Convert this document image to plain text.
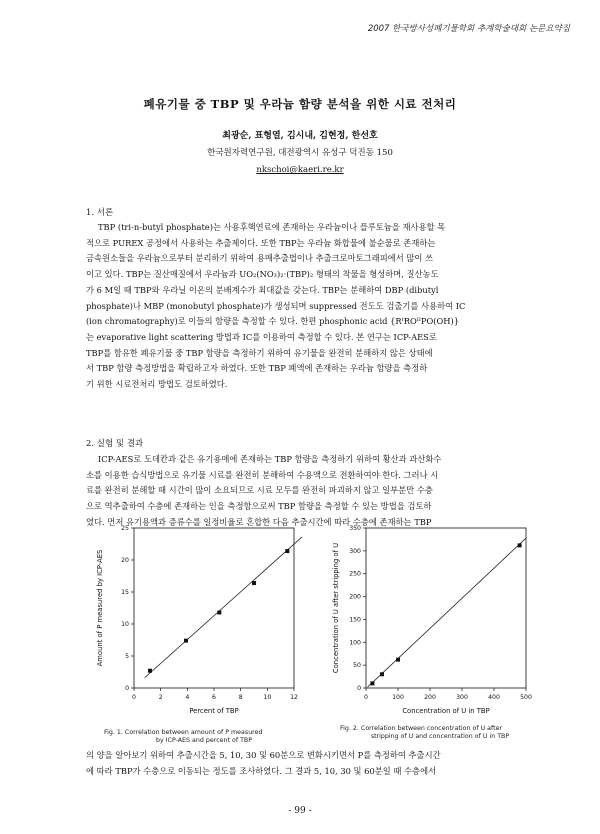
2007 한국방사성폐기물학회 추계학술대회 논문요약집
폐유기물 중 TBP 및 우라늄 함량 분석을 위한 시료 전처리
최광순, 표형열, 김시내, 김현정, 한선호
한국원자력연구원, 대전광역시 유성구 덕진동 150
nkschoi@kaeri.re.kr
1. 서론
TBP (tri-n-butyl phosphate)는 사용후핵연료에 존재하는 우라늄이나 플루토늄을 재사용할 목
적으로 PUREX 공정에서 사용하는 추출제이다. 또한 TBP는 우라늄 화합물에 불순물로 존재하는
금속원소들을 우라늄으로부터 분리하기 위하여 용매추출법이나 추출크로마토그래피에서 많이 쓰
이고 있다. TBP는 질산매질에서 우라늄과 UO₂(NO₃)₂·(TBP)₂ 형태의 착물을 형성하며, 질산농도
가 6 M일 때 TBP와 우라닐 이온의 분배계수가 최대값을 갖는다. TBP는 분해하여 DBP (dibutyl
phosphate)나 MBP (monobutyl phosphate)가 생성되며 suppressed 전도도 검출기를 사용하여 IC
(ion chromatography)로 이들의 함량을 측정할 수 있다. 한편 phosphonic acid {RᴵROᴵᴵPO(OH)}
는 evaporative light scattering 방법과 IC를 이용하여 측정할 수 있다. 본 연구는 ICP-AES로
TBP를 함유한 폐유기물 중 TBP 함량을 측정하기 위하여 유기물을 완전히 분해하지 않은 상태에
서 TBP 함량 측정방법을 확립하고자 하였다. 또한 TBP 폐액에 존재하는 우라늄 함량을 측정하
기 위한 시료전처리 방법도 검토하였다.
2. 실험 및 결과
ICP-AES로 도데칸과 같은 유기용매에 존재하는 TBP 함량을 측정하기 위하여 황산과 과산화수
소를 이용한 습식방법으로 유기물 시료를 완전히 분해하여 수용액으로 전환하여야 한다. 그러나 시
료를 완전히 분해할 때 시간이 많이 소요되므로 시료 모두를 완전히 파괴하지 않고 일부분만 수층
으로 역추출하여 수층에 존재하는 인을 측정함으로써 TBP 함량을 측정할 수 있는 방법을 검토하
였다. 먼저 유기용액과 증류수를 일정비율로 혼합한 다음 추출시간에 따라 수층에 존재하는 TBP
0	2	4	6	8	10	12
0
5
10
15
20
25
Percent of TBP
Amount of P measured by ICP-AES
0	100	200	300	400	500
0
50
100
150
200
250
300
350
Concentration of U in TBP
Concentration of U after stripping of U
Fig. 1. Correlation between amount of P measured
by ICP-AES and percent of TBP
Fig. 2. Correlation between concentration of U after
stripping of U and concentration of U in TBP
의 양을 알아보기 위하여 추출시간을 5, 10, 30 및 60분으로 변화시키면서 P를 측정하여 추출시간
에 따라 TBP가 수층으로 이동되는 정도를 조사하였다. 그 결과 5, 10, 30 및 60분일 때 수층에서
- 99 -
